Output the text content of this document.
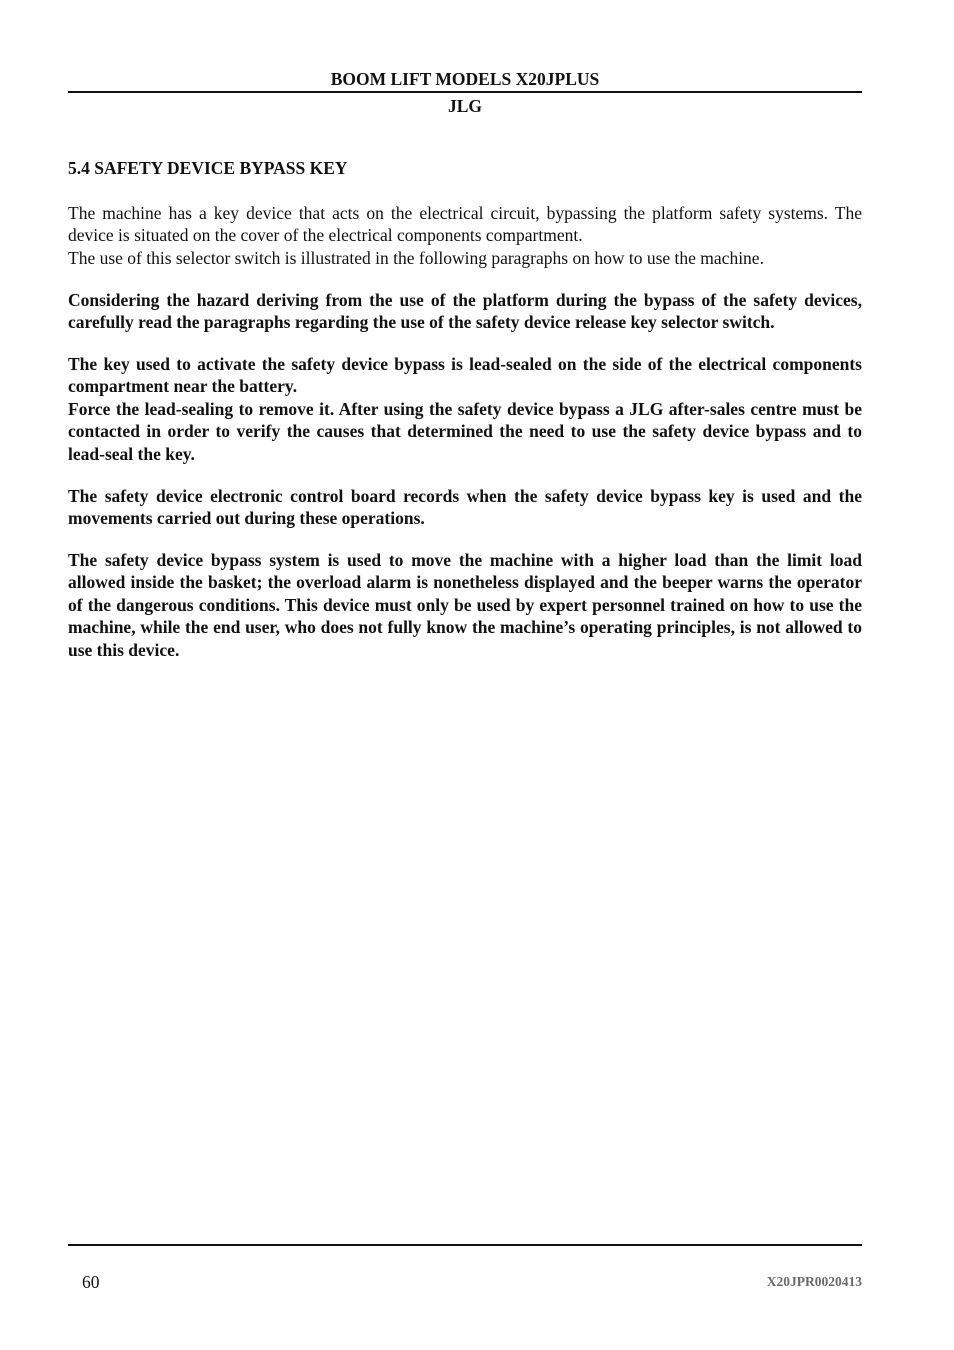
BOOM LIFT MODELS X20JPLUS
JLG
5.4 SAFETY DEVICE BYPASS KEY

The machine has a key device that acts on the electrical circuit, bypassing the platform safety systems. The device is situated on the cover of the electrical components compartment.

The use of this selector switch is illustrated in the following paragraphs on how to use the machine.

Considering the hazard deriving from the use of the platform during the bypass of the safety devices, carefully read the paragraphs regarding the use of the safety device release key selector switch.

The key used to activate the safety device bypass is lead-sealed on the side of the electrical components compartment near the battery.

Force the lead-sealing to remove it. After using the safety device bypass a JLG after-sales centre must be contacted in order to verify the causes that determined the need to use the safety device bypass and to lead-seal the key.

The safety device electronic control board records when the safety device bypass key is used and the movements carried out during these operations.

The safety device bypass system is used to move the machine with a higher load than the limit load allowed inside the basket; the overload alarm is nonetheless displayed and the beeper warns the operator of the dangerous conditions. This device must only be used by expert personnel trained on how to use the machine, while the end user, who does not fully know the machine’s operating principles, is not allowed to use this device.

60	X20JPR0020413
